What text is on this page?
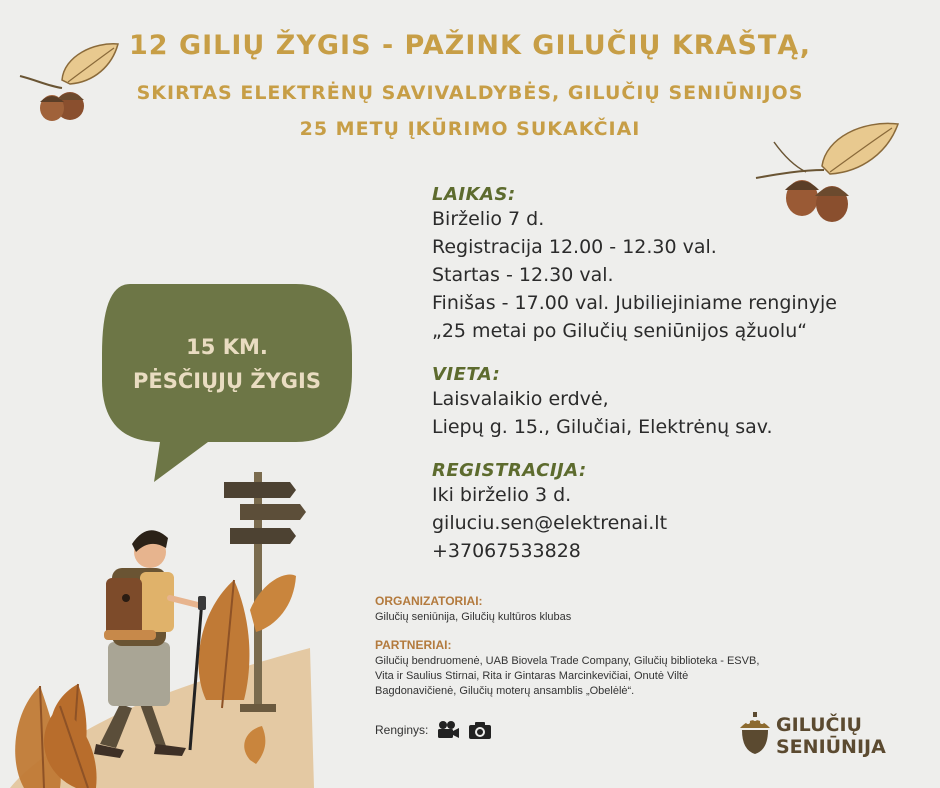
12 GILIŲ ŽYGIS - PAŽINK GILUČIŲ KRAŠTĄ,
SKIRTAS ELEKTRĖNŲ SAVIVALDYBĖS, GILUČIŲ SENIŪNIJOS
25 METŲ ĮKŪRIMO SUKAKČIAI
15 KM.
PĖSČIŲJŲ ŽYGIS
LAIKAS:
Birželio 7 d.
Registracija 12.00 - 12.30 val.
Startas - 12.30 val.
Finišas - 17.00 val. Jubiliejiniame renginyje
„25 metai po Gilučių seniūnijos ąžuolu“
VIETA:
Laisvalaikio erdvė,
Liepų g. 15., Gilučiai, Elektrėnų sav.
REGISTRACIJA:
Iki birželio 3 d.
giluciu.sen@elektrenai.lt
+37067533828
ORGANIZATORIAI:
Gilučių seniūnija, Gilučių kultūros klubas
PARTNERIAI:
Gilučių bendruomenė, UAB Biovela Trade Company, Gilučių biblioteka - ESVB,
Vita ir Saulius Stirnai, Rita ir Gintaras Marcinkevičiai, Onutė Viltė
Bagdonavičienė, Gilučių moterų ansamblis „Obelėlė“.
Renginys:	GILUČIŲ
SENIŪNIJA
